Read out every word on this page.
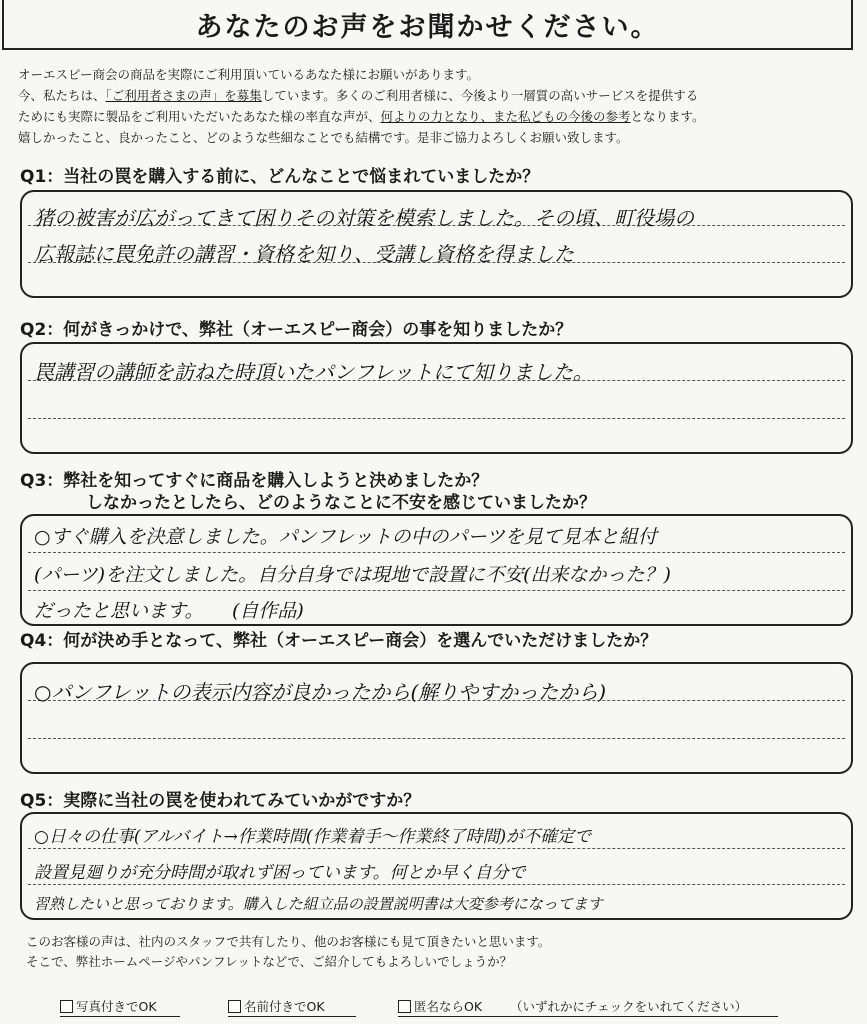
あなたのお声をお聞かせください。

オーエスピー商会の商品を実際にご利用頂いているあなた様にお願いがあります。

今、私たちは、「ご利用者さまの声」を募集しています。多くのご利用者様に、今後より一層質の高いサービスを提供する

ためにも実際に製品をご利用いただいたあなた様の率直な声が、何よりの力となり、また私どもの今後の参考となります。

嬉しかったこと、良かったこと、どのような些細なことでも結構です。是非ご協力よろしくお願い致します。

Q1：当社の罠を購入する前に、どんなことで悩まれていましたか？
猪の被害が広がってきて困りその対策を模索しました。その頃、町役場の
広報誌に罠免許の講習・資格を知り、受講し資格を得ました
Q2：何がきっかけで、弊社（オーエスピー商会）の事を知りましたか？
罠講習の講師を訪ねた時頂いたパンフレットにて知りました。
Q3：弊社を知ってすぐに商品を購入しようと決めましたか？
しなかったとしたら、どのようなことに不安を感じていましたか？
○すぐ購入を決意しました。パンフレットの中のパーツを見て見本と組付
(パーツ)を注文しました。自分自身では現地で設置に不安(出来なかった？)
だったと思います。　　(自作品)
Q4：何が決め手となって、弊社（オーエスピー商会）を選んでいただけましたか？
○パンフレットの表示内容が良かったから(解りやすかったから)
Q5：実際に当社の罠を使われてみていかがですか？
○日々の仕事(アルバイト→作業時間(作業着手〜作業終了時間)が不確定で
設置見廻りが充分時間が取れず困っています。何とか早く自分で
習熟したいと思っております。購入した組立品の設置説明書は大変参考になってます

このお客様の声は、社内のスタッフで共有したり、他のお客様にも見て頂きたいと思います。

そこで、弊社ホームページやパンフレットなどで、ご紹介してもよろしいでしょうか？

写真付きでOK	名前付きでOK	匿名ならOK （いずれかにチェックをいれてください）
